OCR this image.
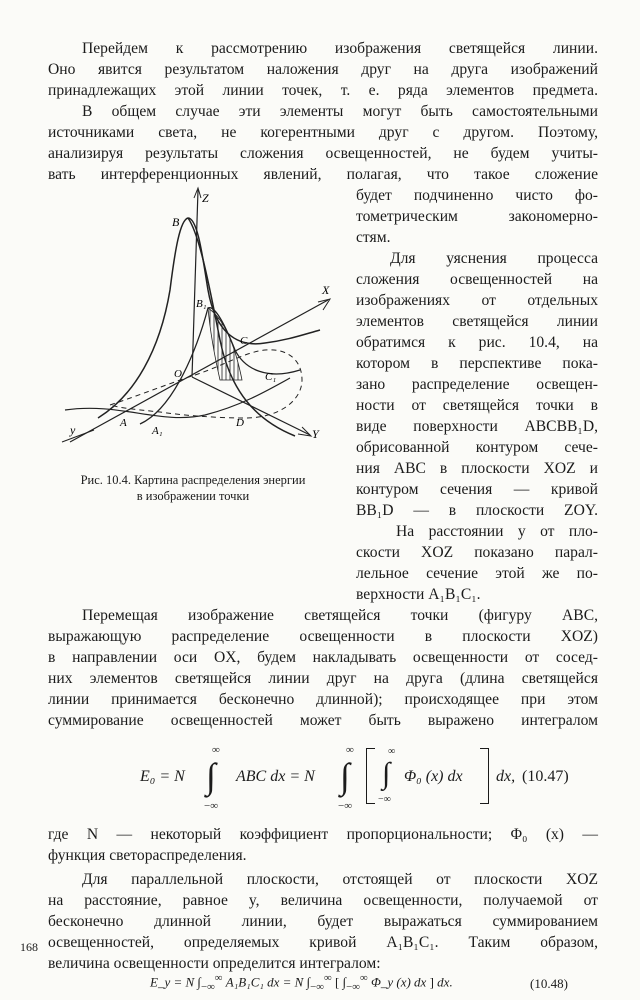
Перейдем к рассмотрению изображения светящейся линии.
Оно явится результатом наложения друг на друга изображений
принадлежащих этой линии точек, т. е. ряда элементов предмета.
В общем случае эти элементы могут быть самостоятельными
источниками света, не когерентными друг с другом. Поэтому,
анализируя результаты сложения освещенностей, не будем учиты-
вать интерференционных явлений, полагая, что такое сложение
будет подчиненно чисто фо-
тометрическим закономерно-
стям.
Для уяснения процесса
сложения освещенностей на
изображениях от отдельных
элементов светящейся линии
обратимся к рис. 10.4, на
котором в перспективе пока-
зано распределение освещен-
ности от светящейся точки в
виде поверхности ABCBB₁D,
обрисованной контуром сече-
ния ABC в плоскости XOZ и
контуром сечения — кривой
BB₁D — в плоскости ZOY.
На расстоянии y от пло-
скости XOZ показано парал-
лельное сечение этой же по-
верхности A₁B₁C₁.
Z
X
Y
B
B₁
C
C₁
O
A
A₁
D
y
Рис. 10.4. Картина распределения энергии
в изображении точки
Перемещая изображение светящейся точки (фигуру ABC,
выражающую распределение освещенности в плоскости XOZ)
в направлении оси OX, будем накладывать освещенности от сосед-
них элементов светящейся линии друг на друга (длина светящейся
линии принимается бесконечно длинной); происходящее при этом
суммирование освещенностей может быть выражено интегралом
E₀ = N
∞
∫
−∞
ABC dx = N
∞
∫
−∞
∞
∫
−∞
Φ₀ (x) dx dx, (10.47)
где N — некоторый коэффициент пропорциональности; Φ₀ (x) —
функция светораспределения.
Для параллельной плоскости, отстоящей от плоскости XOZ
на расстояние, равное y, величина освещенности, получаемой от
бесконечно длинной линии, будет выражаться суммированием
освещенностей, определяемых кривой A₁B₁C₁. Таким образом,
величина освещенности определится интегралом:
E_y = N $\int_{-\infty}^\infty$ A₁B₁C₁ dx = N $\int_{-\infty}^\infty$ [ $\int_{-\infty}^\infty$ Φ_y (x) dx ] dx.	(10.48)
168
